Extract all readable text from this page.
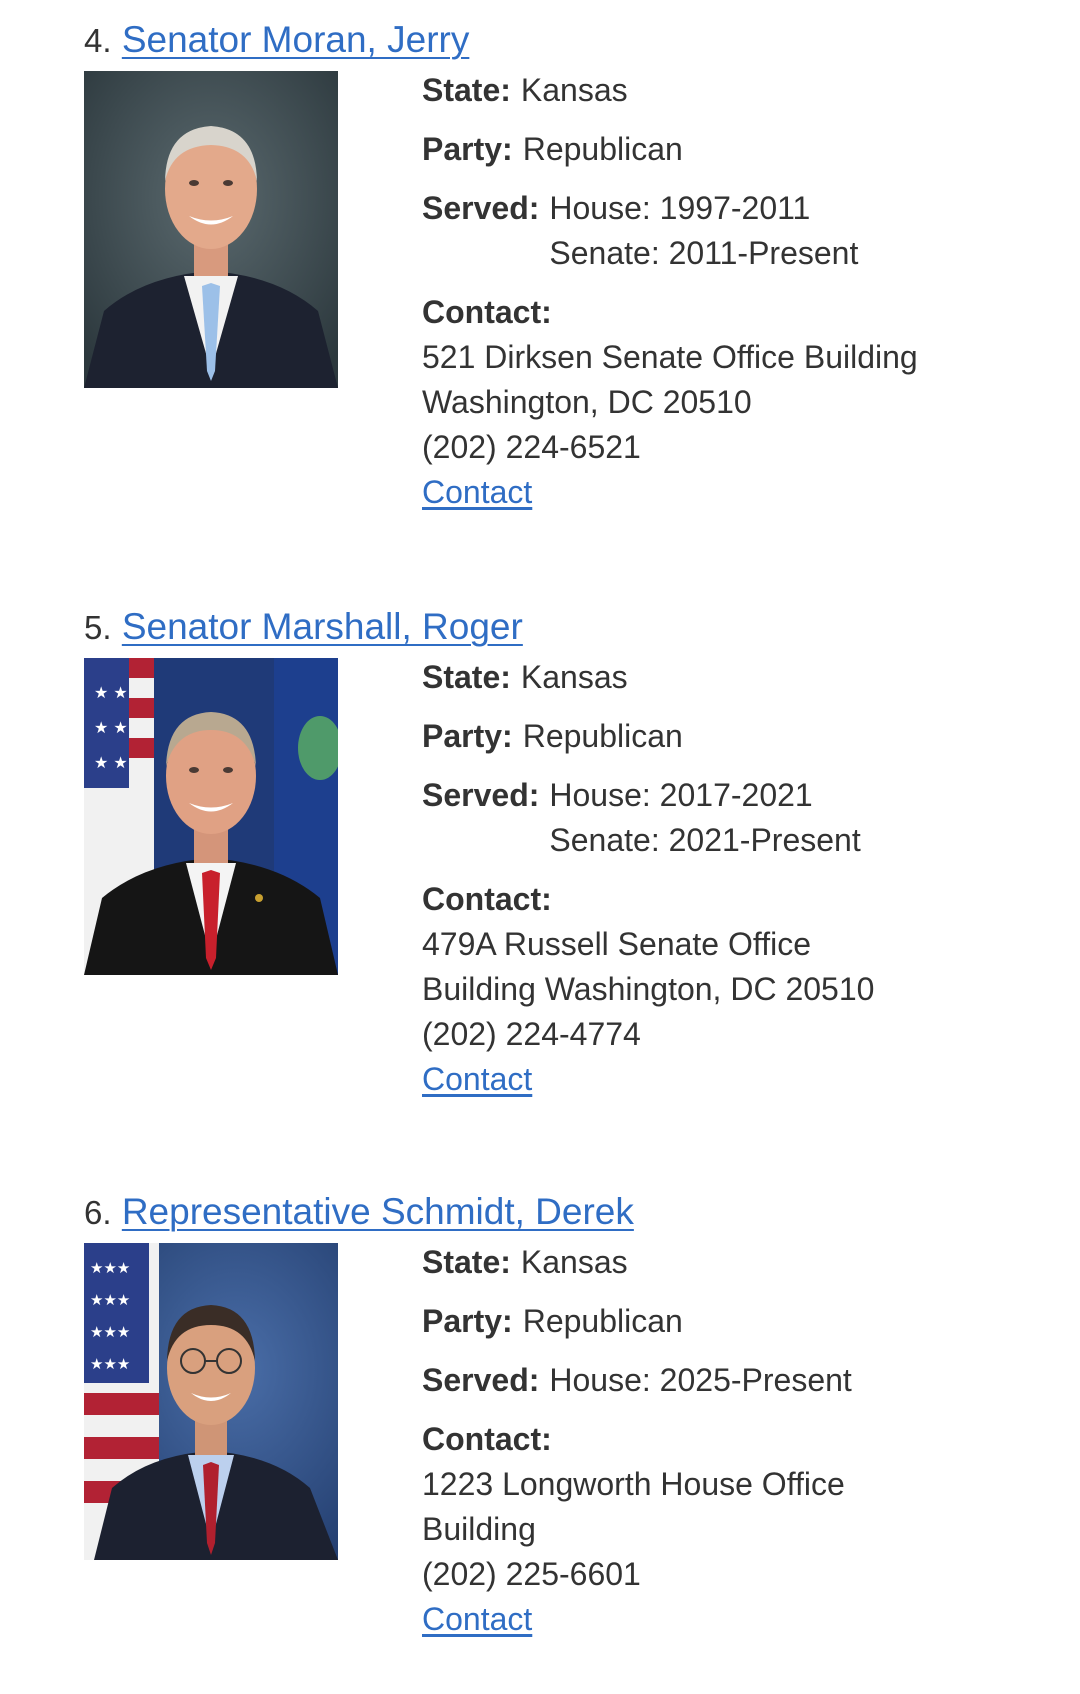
4. Senator Moran, Jerry
State: Kansas
Party: Republican
Served: House: 1997-2011
Senate: 2011-Present
Contact:
521 Dirksen Senate Office Building
Washington, DC 20510
(202) 224-6521
Contact
5. Senator Marshall, Roger
★ ★
★ ★
★ ★
State: Kansas
Party: Republican
Served: House: 2017-2021
Senate: 2021-Present
Contact:
479A Russell Senate Office
Building Washington, DC 20510
(202) 224-4774
Contact
6. Representative Schmidt, Derek
★★★
★★★
★★★
★★★
State: Kansas
Party: Republican
Served: House: 2025-Present
Contact:
1223 Longworth House Office
Building
(202) 225-6601
Contact
